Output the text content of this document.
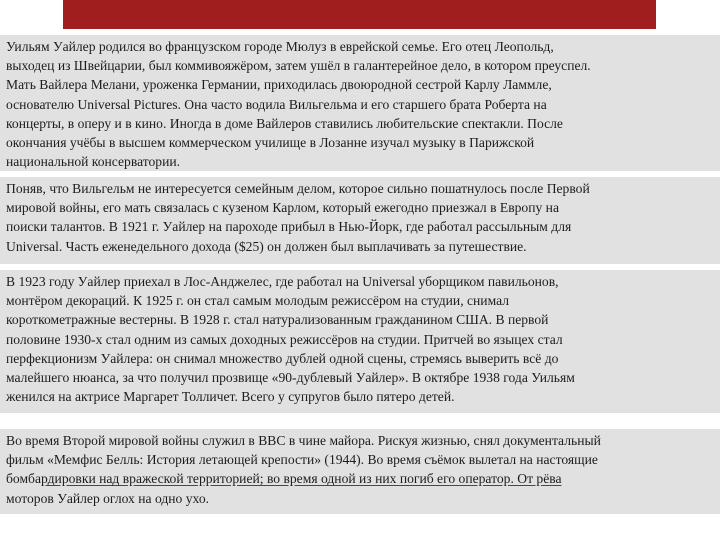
Уильям Уайлер родился во французском городе Мюлуз в еврейской семье. Его отец Леопольд,
выходец из Швейцарии, был коммивояжёром, затем ушёл в галантерейное дело, в котором преуспел.
Мать Вайлера Мелани, уроженка Германии, приходилась двоюродной сестрой Карлу Ламмле,
основателю Universal Pictures. Она часто водила Вильгельма и его старшего брата Роберта на
концерты, в оперу и в кино. Иногда в доме Вайлеров ставились любительские спектакли. После
окончания учёбы в высшем коммерческом училище в Лозанне изучал музыку в Парижской
национальной консерватории.
Поняв, что Вильгельм не интересуется семейным делом, которое сильно пошатнулось после Первой
мировой войны, его мать связалась с кузеном Карлом, который ежегодно приезжал в Европу на
поиски талантов. В 1921 г. Уайлер на пароходе прибыл в Нью-Йорк, где работал рассыльным для
Universal. Часть еженедельного дохода ($25) он должен был выплачивать за путешествие.
В 1923 году Уайлер приехал в Лос-Анджелес, где работал на Universal уборщиком павильонов,
монтёром декораций. К 1925 г. он стал самым молодым режиссёром на студии, снимал
короткометражные вестерны. В 1928 г. стал натурализованным гражданином США. В первой
половине 1930-х стал одним из самых доходных режиссёров на студии. Притчей во языцех стал
перфекционизм Уайлера: он снимал множество дублей одной сцены, стремясь выверить всё до
малейшего нюанса, за что получил прозвище «90-дублевый Уайлер». В октябре 1938 года Уильям
женился на актрисе Маргарет Толличет. Всего у супругов было пятеро детей.
Во время Второй мировой войны служил в ВВС в чине майора. Рискуя жизнью, снял документальный
фильм «Мемфис Белль: История летающей крепости» (1944). Во время съёмок вылетал на настоящие
бомбардировки над вражеской территорией; во время одной из них погиб его оператор. От рёва
моторов Уайлер оглох на одно ухо.
